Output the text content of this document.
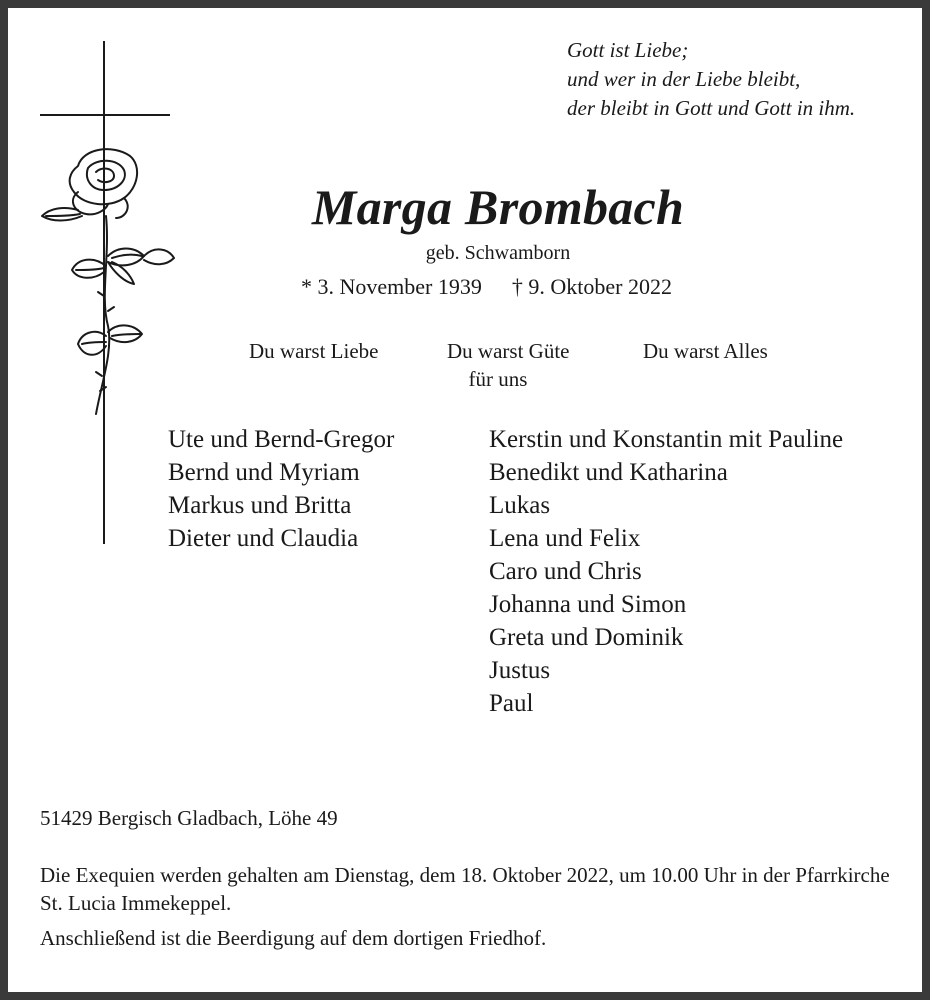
Gott ist Liebe;
und wer in der Liebe bleibt,
der bleibt in Gott und Gott in ihm.
Marga Brombach
geb. Schwamborn
* 3. November 1939 † 9. Oktober 2022
Du warst Liebe	Du warst Güte	Du warst Alles
für uns
Ute und Bernd-Gregor
Bernd und Myriam
Markus und Britta
Dieter und Claudia
Kerstin und Konstantin mit Pauline
Benedikt und Katharina
Lukas
Lena und Felix
Caro und Chris
Johanna und Simon
Greta und Dominik
Justus
Paul
51429 Bergisch Gladbach, Löhe 49
Die Exequien werden gehalten am Dienstag, dem 18. Oktober 2022, um 10.00 Uhr in der Pfarrkirche St. Lucia Immekeppel.
Anschließend ist die Beerdigung auf dem dortigen Friedhof.
